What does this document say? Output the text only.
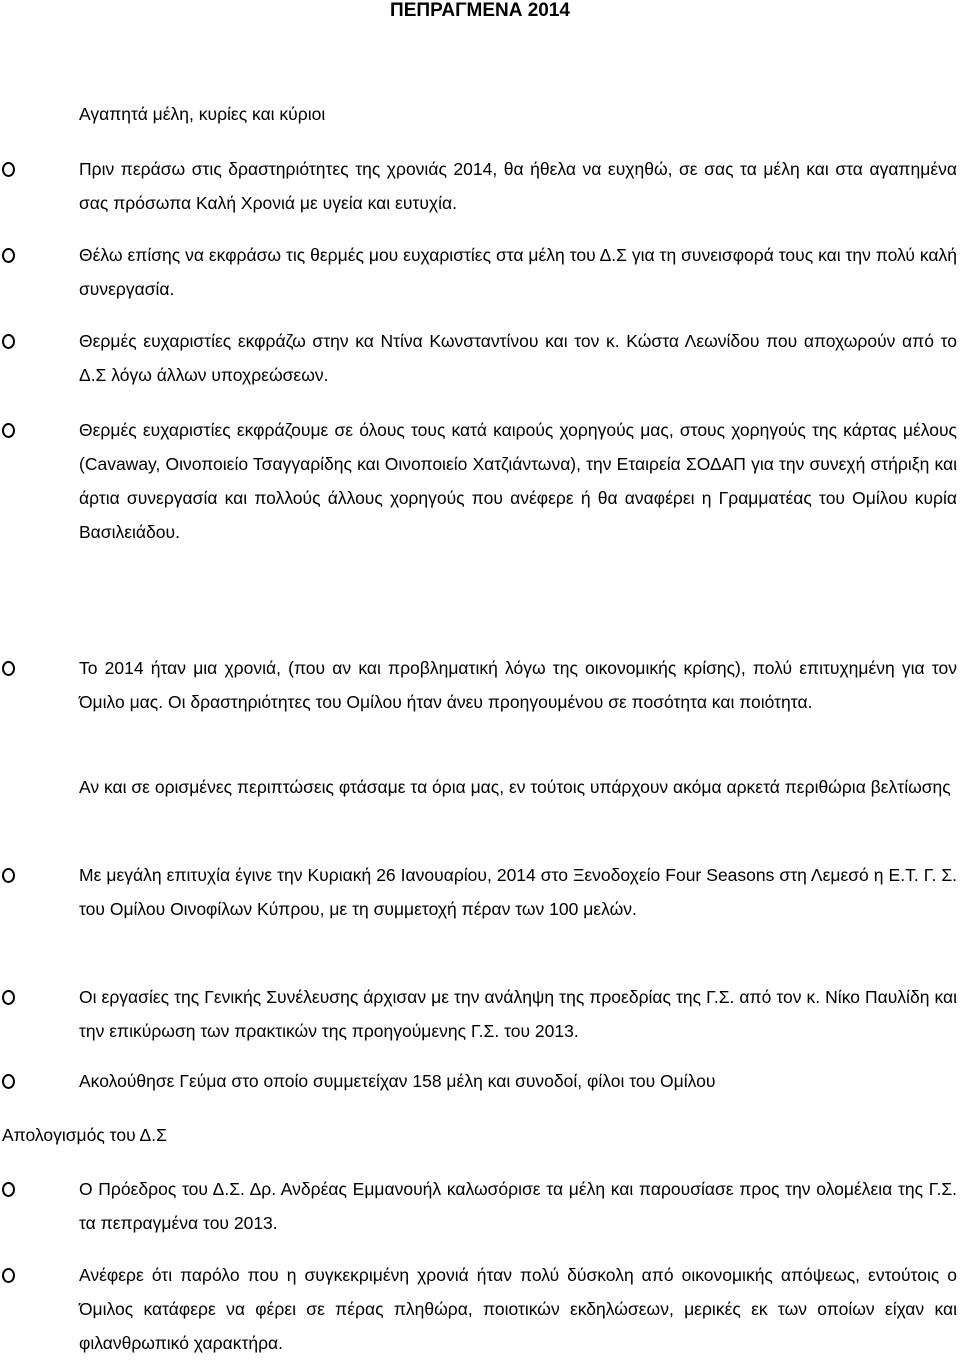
ΠΕΠΡΑΓΜΕΝΑ 2014

Αγαπητά μέλη, κυρίες και κύριοι

Πριν περάσω στις δραστηριότητες της χρονιάς 2014, θα ήθελα να ευχηθώ, σε σας τα μέλη και στα αγαπημένα σας πρόσωπα Καλή Χρονιά με υγεία και ευτυχία.

Θέλω επίσης να εκφράσω τις θερμές μου ευχαριστίες στα μέλη του Δ.Σ για τη συνεισφορά τους και την πολύ καλή συνεργασία.

Θερμές ευχαριστίες εκφράζω στην κα Ντίνα Κωνσταντίνου και τον κ. Κώστα Λεωνίδου που αποχωρούν από το Δ.Σ λόγω άλλων υποχρεώσεων.

Θερμές ευχαριστίες εκφράζουμε σε όλους τους κατά καιρούς χορηγούς μας, στους χορηγούς της κάρτας μέλους (Cavaway, Οινοποιείο Τσαγγαρίδης και Οινοποιείο Χατζιάντωνα), την Εταιρεία ΣΟΔΑΠ για την συνεχή στήριξη και άρτια συνεργασία και πολλούς άλλους χορηγούς που ανέφερε ή θα αναφέρει η Γραμματέας του Ομίλου κυρία Βασιλειάδου.

Το 2014 ήταν μια χρονιά, (που αν και προβληματική λόγω της οικονομικής κρίσης), πολύ επιτυχημένη για τον Όμιλο μας. Οι δραστηριότητες του Ομίλου ήταν άνευ προηγουμένου σε ποσότητα και ποιότητα.

Αν και σε ορισμένες περιπτώσεις φτάσαμε τα όρια μας, εν τούτοις υπάρχουν ακόμα αρκετά περιθώρια βελτίωσης

Με μεγάλη επιτυχία έγινε την Κυριακή 26 Ιανουαρίου, 2014 στο Ξενοδοχείο Four Seasons στη Λεμεσό η Ε.Τ. Γ. Σ. του Ομίλου Οινοφίλων Κύπρου, με τη συμμετοχή πέραν των 100 μελών.

Οι εργασίες της Γενικής Συνέλευσης άρχισαν με την ανάληψη της προεδρίας της Γ.Σ. από τον κ. Νίκο Παυλίδη και την επικύρωση των πρακτικών της προηγούμενης Γ.Σ. του 2013.

Ακολούθησε Γεύμα στο οποίο συμμετείχαν 158 μέλη και συνοδοί, φίλοι του Ομίλου

Απολογισμός του Δ.Σ

Ο Πρόεδρος του Δ.Σ. Δρ. Ανδρέας Εμμανουήλ καλωσόρισε τα μέλη και παρουσίασε προς την ολομέλεια της Γ.Σ. τα πεπραγμένα του 2013.

Ανέφερε ότι παρόλο που η συγκεκριμένη χρονιά ήταν πολύ δύσκολη από οικονομικής απόψεως, εντούτοις ο Όμιλος κατάφερε να φέρει σε πέρας πληθώρα, ποιοτικών εκδηλώσεων, μερικές εκ των οποίων είχαν και φιλανθρωπικό χαρακτήρα.
